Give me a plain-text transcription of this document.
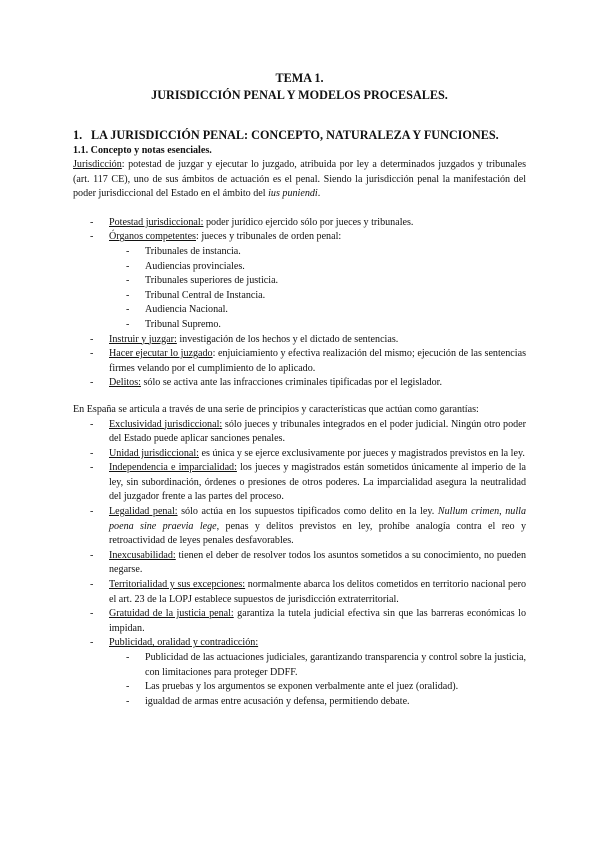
TEMA 1.

JURISDICCIÓN PENAL Y MODELOS PROCESALES.

1. LA JURISDICCIÓN PENAL: CONCEPTO, NATURALEZA Y FUNCIONES.
1.1. Concepto y notas esenciales.

Jurisdicción: potestad de juzgar y ejecutar lo juzgado, atribuida por ley a determinados juzgados y tribunales (art. 117 CE), uno de sus ámbitos de actuación es el penal. Siendo la jurisdicción penal la manifestación del poder jurisdiccional del Estado en el ámbito del ius puniendi.

- Potestad jurisdiccional: poder jurídico ejercido sólo por jueces y tribunales.
- Órganos competentes: jueces y tribunales de orden penal:
- Tribunales de instancia.
- Audiencias provinciales.
- Tribunales superiores de justicia.
- Tribunal Central de Instancia.
- Audiencia Nacional.
- Tribunal Supremo.
- Instruir y juzgar: investigación de los hechos y el dictado de sentencias.
- Hacer ejecutar lo juzgado: enjuiciamiento y efectiva realización del mismo; ejecución de las sentencias firmes velando por el cumplimiento de lo aplicado.
- Delitos: sólo se activa ante las infracciones criminales tipificadas por el legislador.

En España se articula a través de una serie de principios y características que actúan como garantías:

- Exclusividad jurisdiccional: sólo jueces y tribunales integrados en el poder judicial. Ningún otro poder del Estado puede aplicar sanciones penales.
- Unidad jurisdiccional: es única y se ejerce exclusivamente por jueces y magistrados previstos en la ley.
- Independencia e imparcialidad: los jueces y magistrados están sometidos únicamente al imperio de la ley, sin subordinación, órdenes o presiones de otros poderes. La imparcialidad asegura la neutralidad del juzgador frente a las partes del proceso.
- Legalidad penal: sólo actúa en los supuestos tipificados como delito en la ley. Nullum crimen, nulla poena sine praevia lege, penas y delitos previstos en ley, prohíbe analogía contra el reo y retroactividad de leyes penales desfavorables.
- Inexcusabilidad: tienen el deber de resolver todos los asuntos sometidos a su conocimiento, no pueden negarse.
- Territorialidad y sus excepciones: normalmente abarca los delitos cometidos en territorio nacional pero el art. 23 de la LOPJ establece supuestos de jurisdicción extraterritorial.
- Gratuidad de la justicia penal: garantiza la tutela judicial efectiva sin que las barreras económicas lo impidan.
- Publicidad, oralidad y contradicción:
- Publicidad de las actuaciones judiciales, garantizando transparencia y control sobre la justicia, con limitaciones para proteger DDFF.
- Las pruebas y los argumentos se exponen verbalmente ante el juez (oralidad).
- igualdad de armas entre acusación y defensa, permitiendo debate.
